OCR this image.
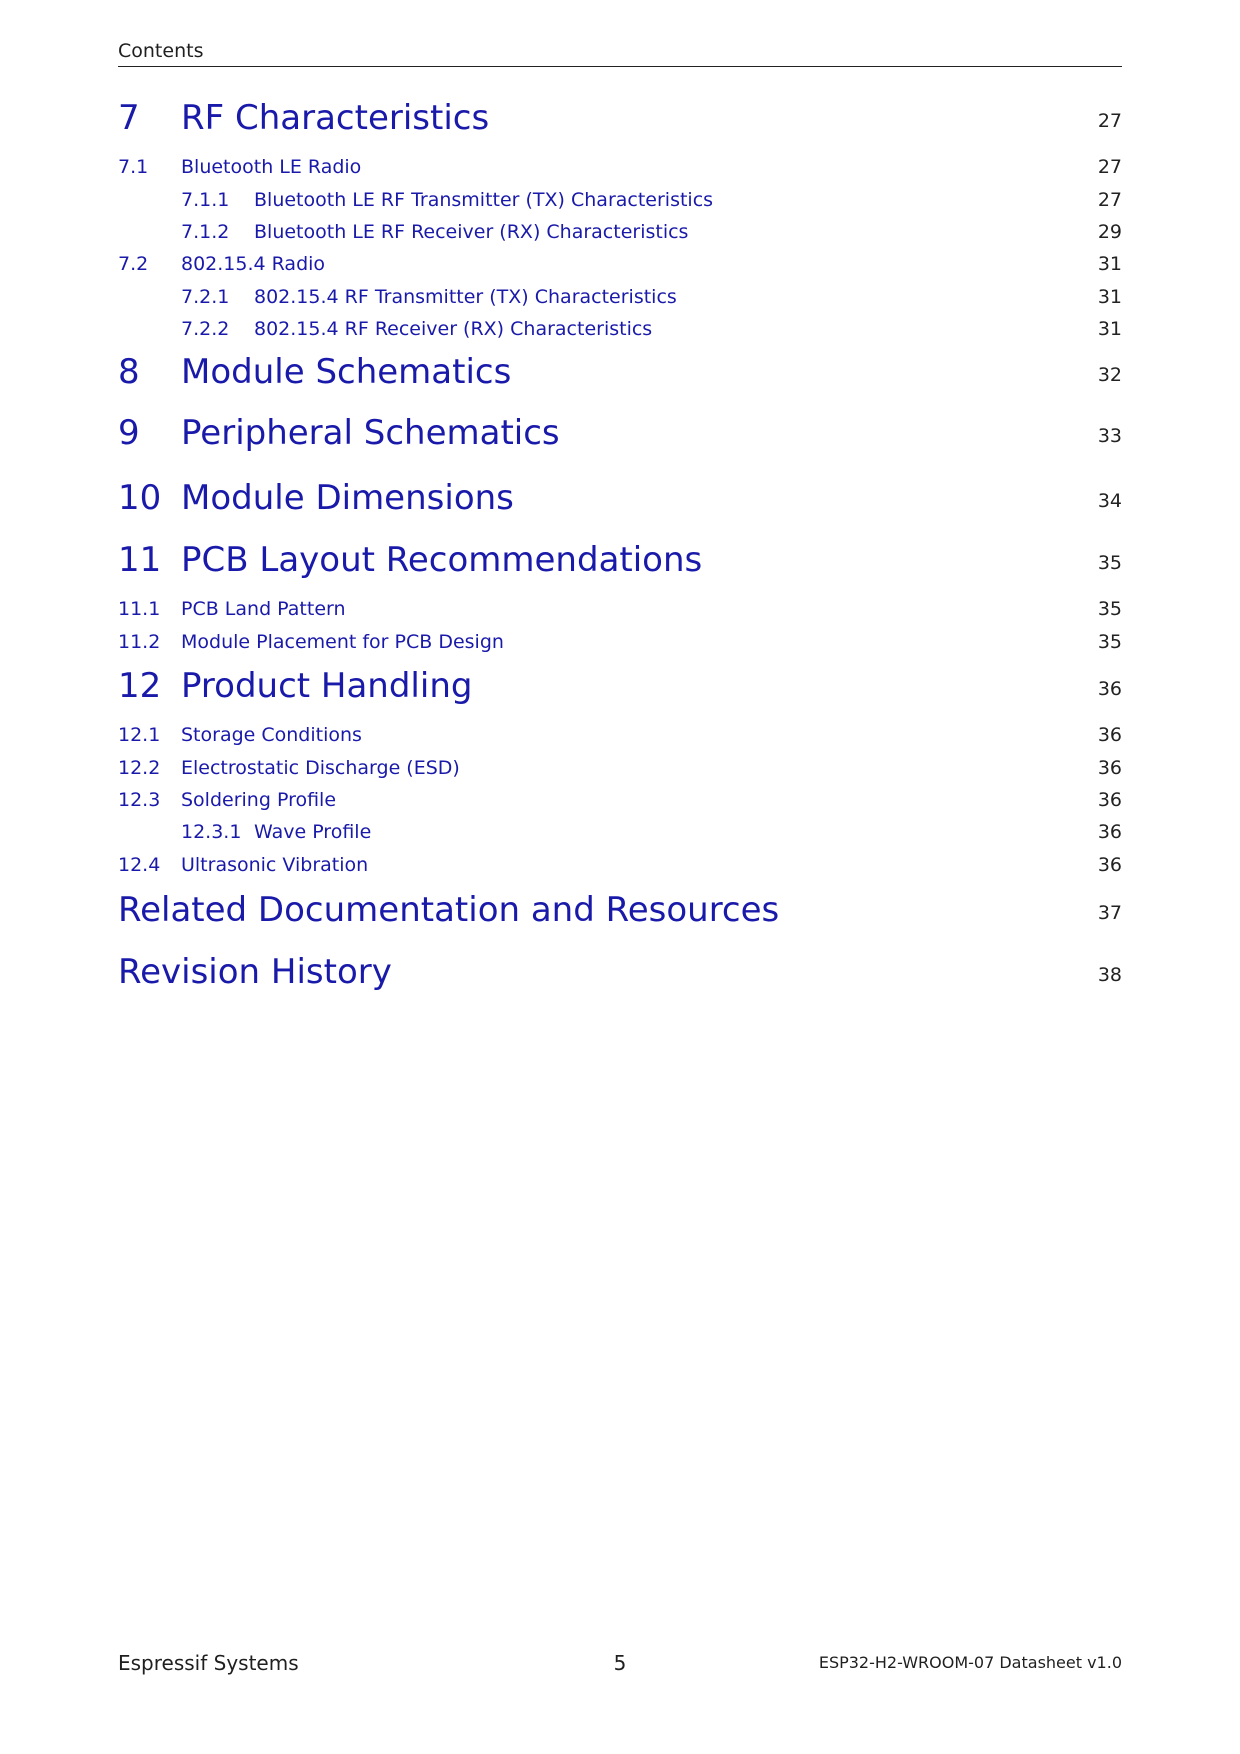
Contents
7 RF Characteristics	27
7.1 Bluetooth LE Radio	27
7.1.1 Bluetooth LE RF Transmitter (TX) Characteristics	27
7.1.2 Bluetooth LE RF Receiver (RX) Characteristics	29
7.2 802.15.4 Radio	31
7.2.1 802.15.4 RF Transmitter (TX) Characteristics	31
7.2.2 802.15.4 RF Receiver (RX) Characteristics	31
8 Module Schematics	32
9 Peripheral Schematics	33
10 Module Dimensions	34
11 PCB Layout Recommendations	35
11.1 PCB Land Pattern	35
11.2 Module Placement for PCB Design	35
12 Product Handling	36
12.1 Storage Conditions	36
12.2 Electrostatic Discharge (ESD)	36
12.3 Soldering Profile	36
12.3.1 Wave Profile	36
12.4 Ultrasonic Vibration	36
Related Documentation and Resources	37
Revision History	38
Espressif Systems	5	ESP32-H2-WROOM-07 Datasheet v1.0
